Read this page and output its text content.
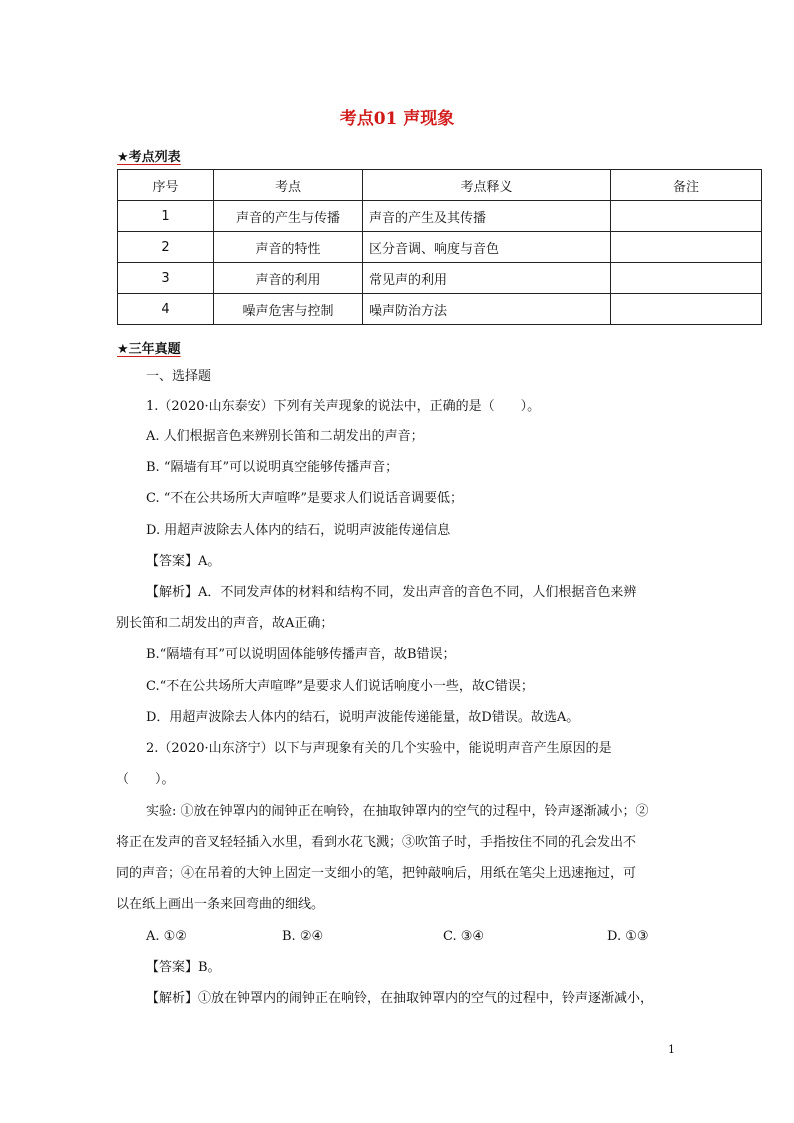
考点01 声现象
★考点列表
序号	考点	考点释义	备注
1	声音的产生与传播	声音的产生及其传播	
2	声音的特性	区分音调、响度与音色	
3	声音的利用	常见声的利用	
4	噪声危害与控制	噪声防治方法	
★三年真题
一、选择题
1.（2020·山东泰安）下列有关声现象的说法中，正确的是（　　）。
A. 人们根据音色来辨别长笛和二胡发出的声音；
B. “隔墙有耳”可以说明真空能够传播声音；
C. “不在公共场所大声喧哗”是要求人们说话音调要低；
D. 用超声波除去人体内的结石，说明声波能传递信息
【答案】A。
【解析】A．不同发声体的材料和结构不同，发出声音的音色不同，人们根据音色来辨
别长笛和二胡发出的声音，故A正确；
B.“隔墙有耳”可以说明固体能够传播声音，故B错误；
C.“不在公共场所大声喧哗”是要求人们说话响度小一些，故C错误；
D．用超声波除去人体内的结石，说明声波能传递能量，故D错误。故选A。
2.（2020·山东济宁）以下与声现象有关的几个实验中，能说明声音产生原因的是
（　　）。
实验: ①放在钟罩内的闹钟正在响铃，在抽取钟罩内的空气的过程中，铃声逐渐减小；②
将正在发声的音叉轻轻插入水里，看到水花飞溅；③吹笛子时，手指按住不同的孔会发出不
同的声音；④在吊着的大钟上固定一支细小的笔，把钟敲响后，用纸在笔尖上迅速拖过，可
以在纸上画出一条来回弯曲的细线。
A. ①②	B. ②④	C. ③④	D. ①③
【答案】B。
【解析】①放在钟罩内的闹钟正在响铃，在抽取钟罩内的空气的过程中，铃声逐渐减小，
1
